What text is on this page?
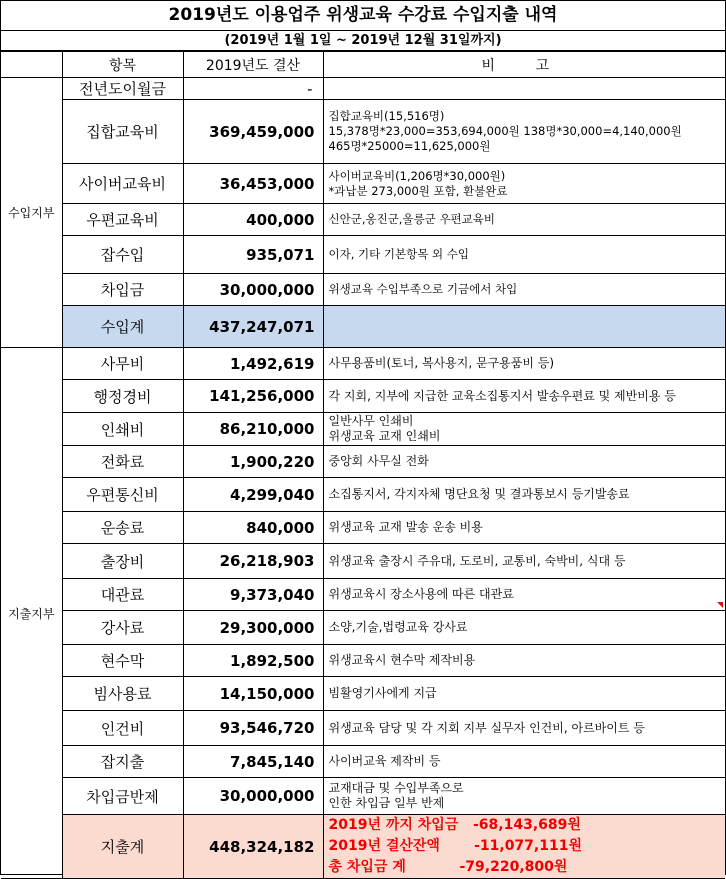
2019년도 이용업주 위생교육 수강료 수입지출 내역
(2019년 1월 1일 ~ 2019년 12월 31일까지)
	항목	2019년도 결산	비 고
수입지부	전년도이월금	-	
	집합교육비	369,459,000	집합교육비(15,516명)
15,378명*23,000=353,694,000원 138명*30,000=4,140,000원
465명*25000=11,625,000원

	사이버교육비	36,453,000	사이버교육비(1,206명*30,000원)
*과납분 273,000원 포함, 환불완료

	우편교육비	400,000	신안군,옹진군,울릉군 우편교육비

	잡수입	935,071	이자, 기타 기본항목 외 수입

	차입금	30,000,000	위생교육 수입부족으로 기금에서 차입

	수입계	437,247,071	
지출지부	사무비	1,492,619	사무용품비(토너, 복사용지, 문구용품비 등)

	행정경비	141,256,000	각 지회, 지부에 지급한 교육소집통지서 발송우편료 및 제반비용 등

	인쇄비	86,210,000	일반사무 인쇄비
위생교육 교재 인쇄비

	전화료	1,900,220	중앙회 사무실 전화

	우편통신비	4,299,040	소집통지서, 각지자체 명단요청 및 결과통보시 등기발송료

	운송료	840,000	위생교육 교재 발송 운송 비용

	출장비	26,218,903	위생교육 출장시 주유대, 도로비, 교통비, 숙박비, 식대 등

	대관료	9,373,040	위생교육시 장소사용에 따른 대관료

	강사료	29,300,000	소양,기술,법령교육 강사료

	현수막	1,892,500	위생교육시 현수막 제작비용

	빔사용료	14,150,000	빔활영기사에게 지급

	인건비	93,546,720	위생교육 담당 및 각 지회 지부 실무자 인건비, 아르바이트 등

	잡지출	7,845,140	사이버교육 제작비 등

	차입금반제	30,000,000	교재대금 및 수입부족으로
인한 차입금 일부 반제

	지출계	448,324,182	2019년 까지 차입금   -68,143,689원
2019년 결산잔액       -11,077,111원
총 차입금 계           -79,220,800원
